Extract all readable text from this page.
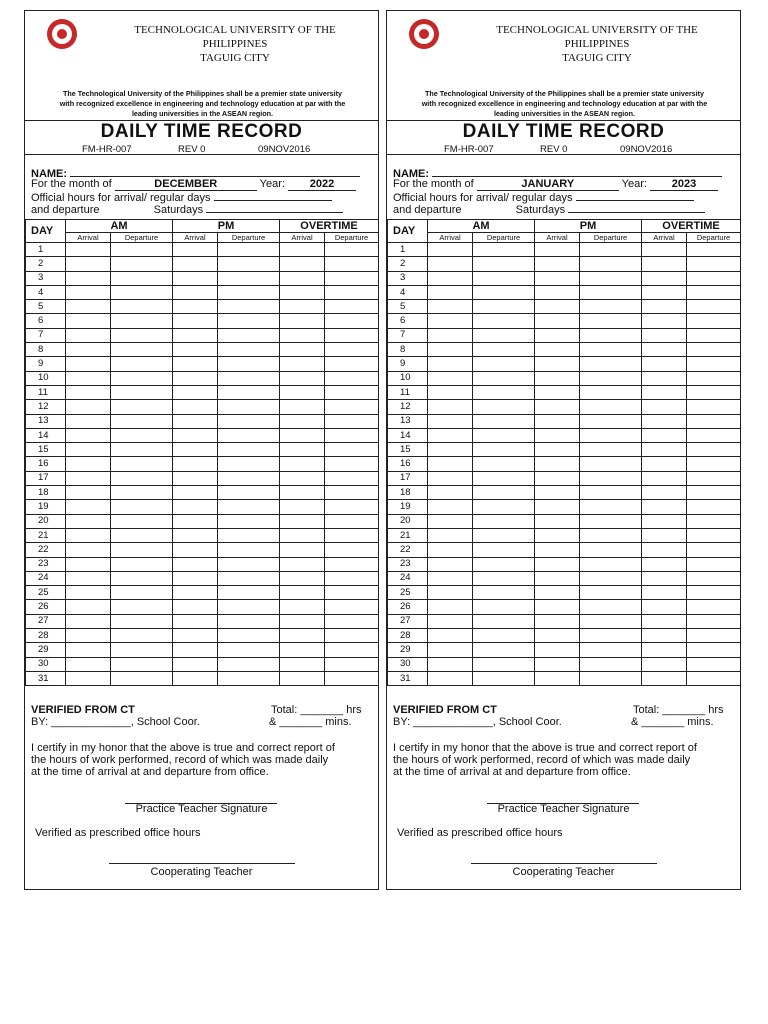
TECHNOLOGICAL UNIVERSITY OF THE
PHILIPPINES
TAGUIG CITY
The Technological University of the Philippines shall be a premier state university
with recognized excellence in engineering and technology education at par with the
leading universities in the ASEAN region.
DAILY TIME RECORD
FM-HR-007	REV 0	09NOV2016
NAME:
For the month of	DECEMBER	Year: 2022
Official hours for arrival/ regular days
and departure	Saturdays
DAY	AM		PM		OVERTIME	
	Arrival	Departure	Arrival	Departure	Arrival	Departure
1						
2						
3						
4						
5						
6						
7						
8						
9						
10						
11						
12						
13						
14						
15						
16						
17						
18						
19						
20						
21						
22						
23						
24						
25						
26						
27						
28						
29						
30						
31						
VERIFIED FROM CT	Total: _______ hrs
BY: _____________, School Coor.	& _______ mins.
I certify in my honor that the above is true and correct report of
the hours of work performed, record of which was made daily
at the time of arrival at and departure from office.
Practice Teacher Signature
Verified as prescribed office hours
Cooperating Teacher
TECHNOLOGICAL UNIVERSITY OF THE
PHILIPPINES
TAGUIG CITY
The Technological University of the Philippines shall be a premier state university
with recognized excellence in engineering and technology education at par with the
leading universities in the ASEAN region.
DAILY TIME RECORD
FM-HR-007	REV 0	09NOV2016
NAME:
For the month of	JANUARY	Year: 2023
Official hours for arrival/ regular days
and departure	Saturdays
DAY	AM		PM		OVERTIME	
	Arrival	Departure	Arrival	Departure	Arrival	Departure
1						
2						
3						
4						
5						
6						
7						
8						
9						
10						
11						
12						
13						
14						
15						
16						
17						
18						
19						
20						
21						
22						
23						
24						
25						
26						
27						
28						
29						
30						
31						
VERIFIED FROM CT	Total: _______ hrs
BY: _____________, School Coor.	& _______ mins.
I certify in my honor that the above is true and correct report of
the hours of work performed, record of which was made daily
at the time of arrival at and departure from office.
Practice Teacher Signature
Verified as prescribed office hours
Cooperating Teacher
